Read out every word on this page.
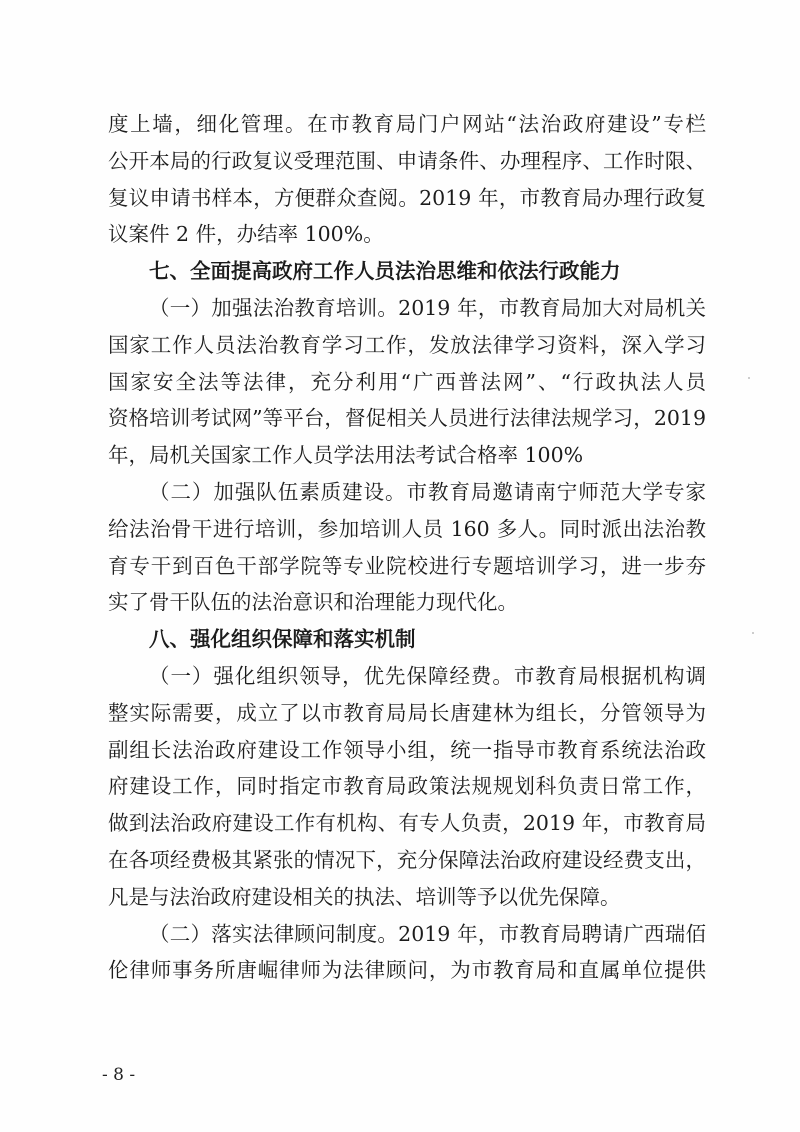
度上墙，细化管理。在市教育局门户网站“法治政府建设”专栏
公开本局的行政复议受理范围、申请条件、办理程序、工作时限、
复议申请书样本，方便群众查阅。2019 年，市教育局办理行政复
议案件 2 件，办结率 100%。
七、全面提高政府工作人员法治思维和依法行政能力
（一）加强法治教育培训。2019 年，市教育局加大对局机关
国家工作人员法治教育学习工作，发放法律学习资料，深入学习
国家安全法等法律，充分利用“广西普法网”、“行政执法人员
资格培训考试网”等平台，督促相关人员进行法律法规学习，2019
年，局机关国家工作人员学法用法考试合格率 100%
（二）加强队伍素质建设。市教育局邀请南宁师范大学专家
给法治骨干进行培训，参加培训人员 160 多人。同时派出法治教
育专干到百色干部学院等专业院校进行专题培训学习，进一步夯
实了骨干队伍的法治意识和治理能力现代化。
八、强化组织保障和落实机制
（一）强化组织领导，优先保障经费。市教育局根据机构调
整实际需要，成立了以市教育局局长唐建林为组长，分管领导为
副组长法治政府建设工作领导小组，统一指导市教育系统法治政
府建设工作，同时指定市教育局政策法规规划科负责日常工作，
做到法治政府建设工作有机构、有专人负责，2019 年，市教育局
在各项经费极其紧张的情况下，充分保障法治政府建设经费支出，
凡是与法治政府建设相关的执法、培训等予以优先保障。
（二）落实法律顾问制度。2019 年，市教育局聘请广西瑞佰
伦律师事务所唐崛律师为法律顾问，为市教育局和直属单位提供
- 8 -
